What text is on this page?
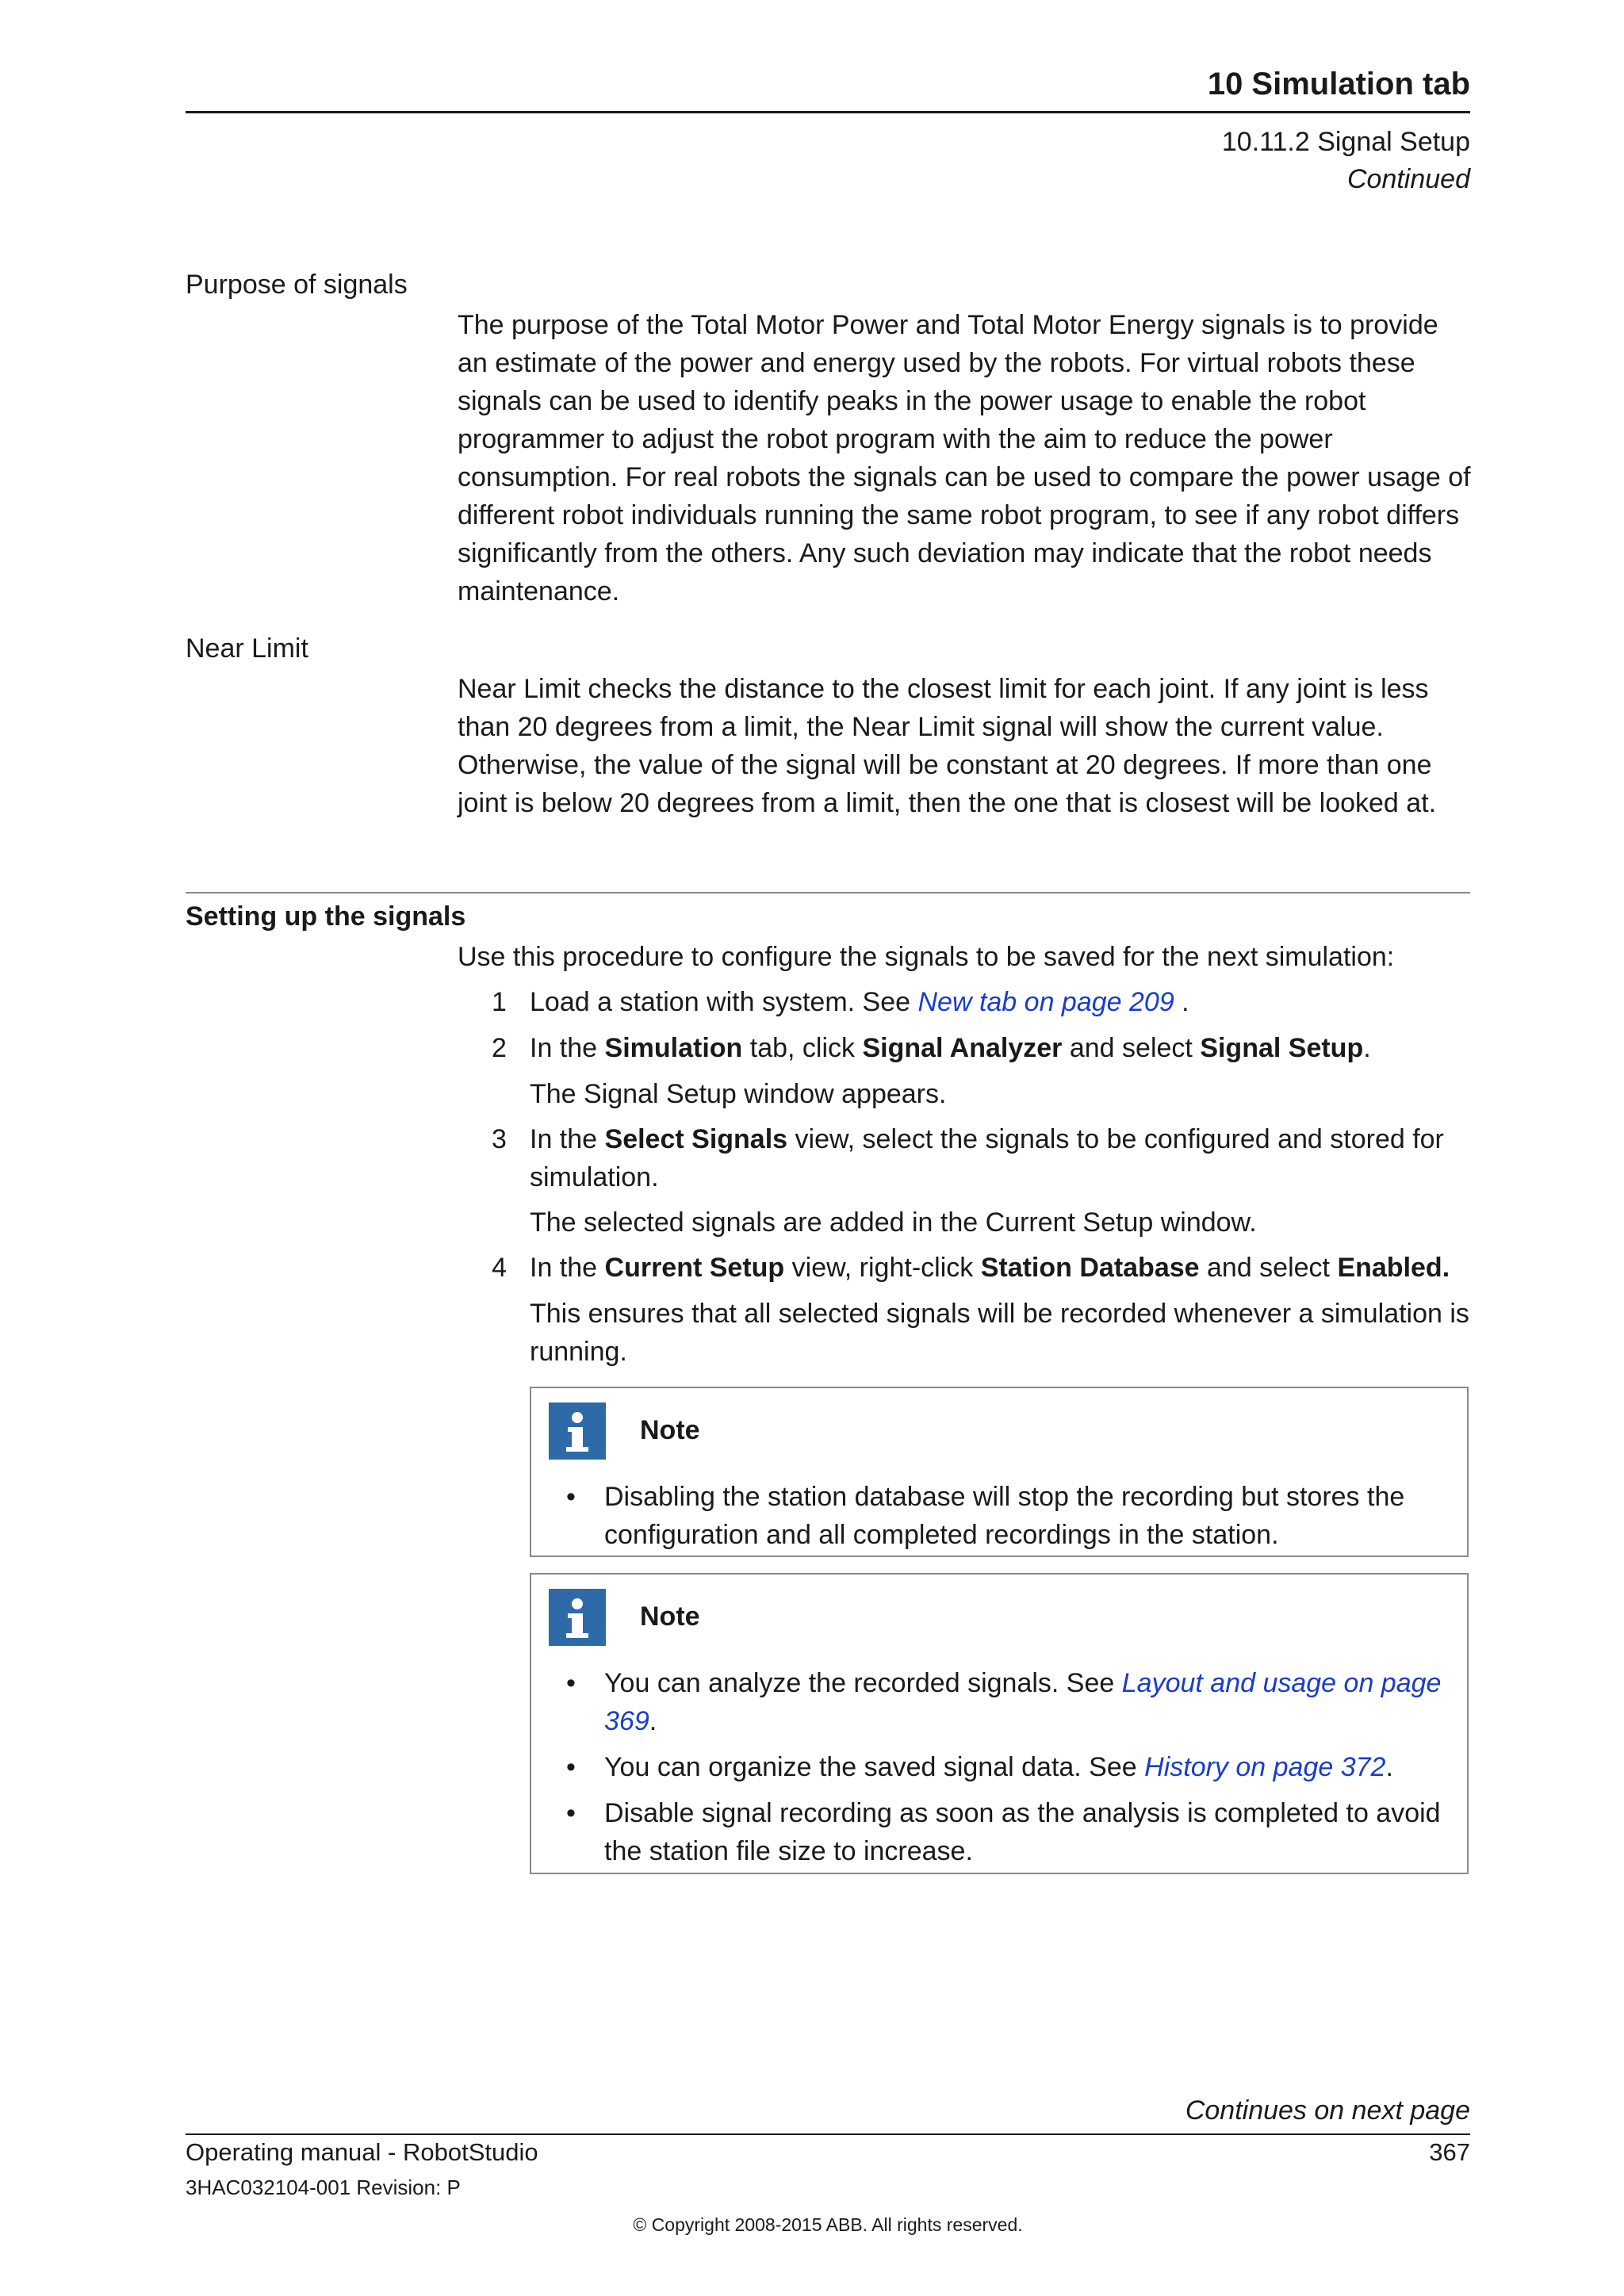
10 Simulation tab
10.11.2 Signal Setup
Continued
Purpose of signals
The purpose of the Total Motor Power and Total Motor Energy signals is to provide an estimate of the power and energy used by the robots. For virtual robots these signals can be used to identify peaks in the power usage to enable the robot programmer to adjust the robot program with the aim to reduce the power consumption. For real robots the signals can be used to compare the power usage of different robot individuals running the same robot program, to see if any robot differs significantly from the others. Any such deviation may indicate that the robot needs maintenance.
Near Limit
Near Limit checks the distance to the closest limit for each joint. If any joint is less than 20 degrees from a limit, the Near Limit signal will show the current value. Otherwise, the value of the signal will be constant at 20 degrees. If more than one joint is below 20 degrees from a limit, then the one that is closest will be looked at.
Setting up the signals
Use this procedure to configure the signals to be saved for the next simulation:
1 Load a station with system. See New tab on page 209 .
2 In the Simulation tab, click Signal Analyzer and select Signal Setup.
The Signal Setup window appears.
3 In the Select Signals view, select the signals to be configured and stored for simulation.
The selected signals are added in the Current Setup window.
4 In the Current Setup view, right-click Station Database and select Enabled.
This ensures that all selected signals will be recorded whenever a simulation is running.
Note
• Disabling the station database will stop the recording but stores the configuration and all completed recordings in the station.
Note
• You can analyze the recorded signals. See Layout and usage on page 369.
• You can organize the saved signal data. See History on page 372.
• Disable signal recording as soon as the analysis is completed to avoid the station file size to increase.
Continues on next page
Operating manual - RobotStudio	367
3HAC032104-001 Revision: P
© Copyright 2008-2015 ABB. All rights reserved.
